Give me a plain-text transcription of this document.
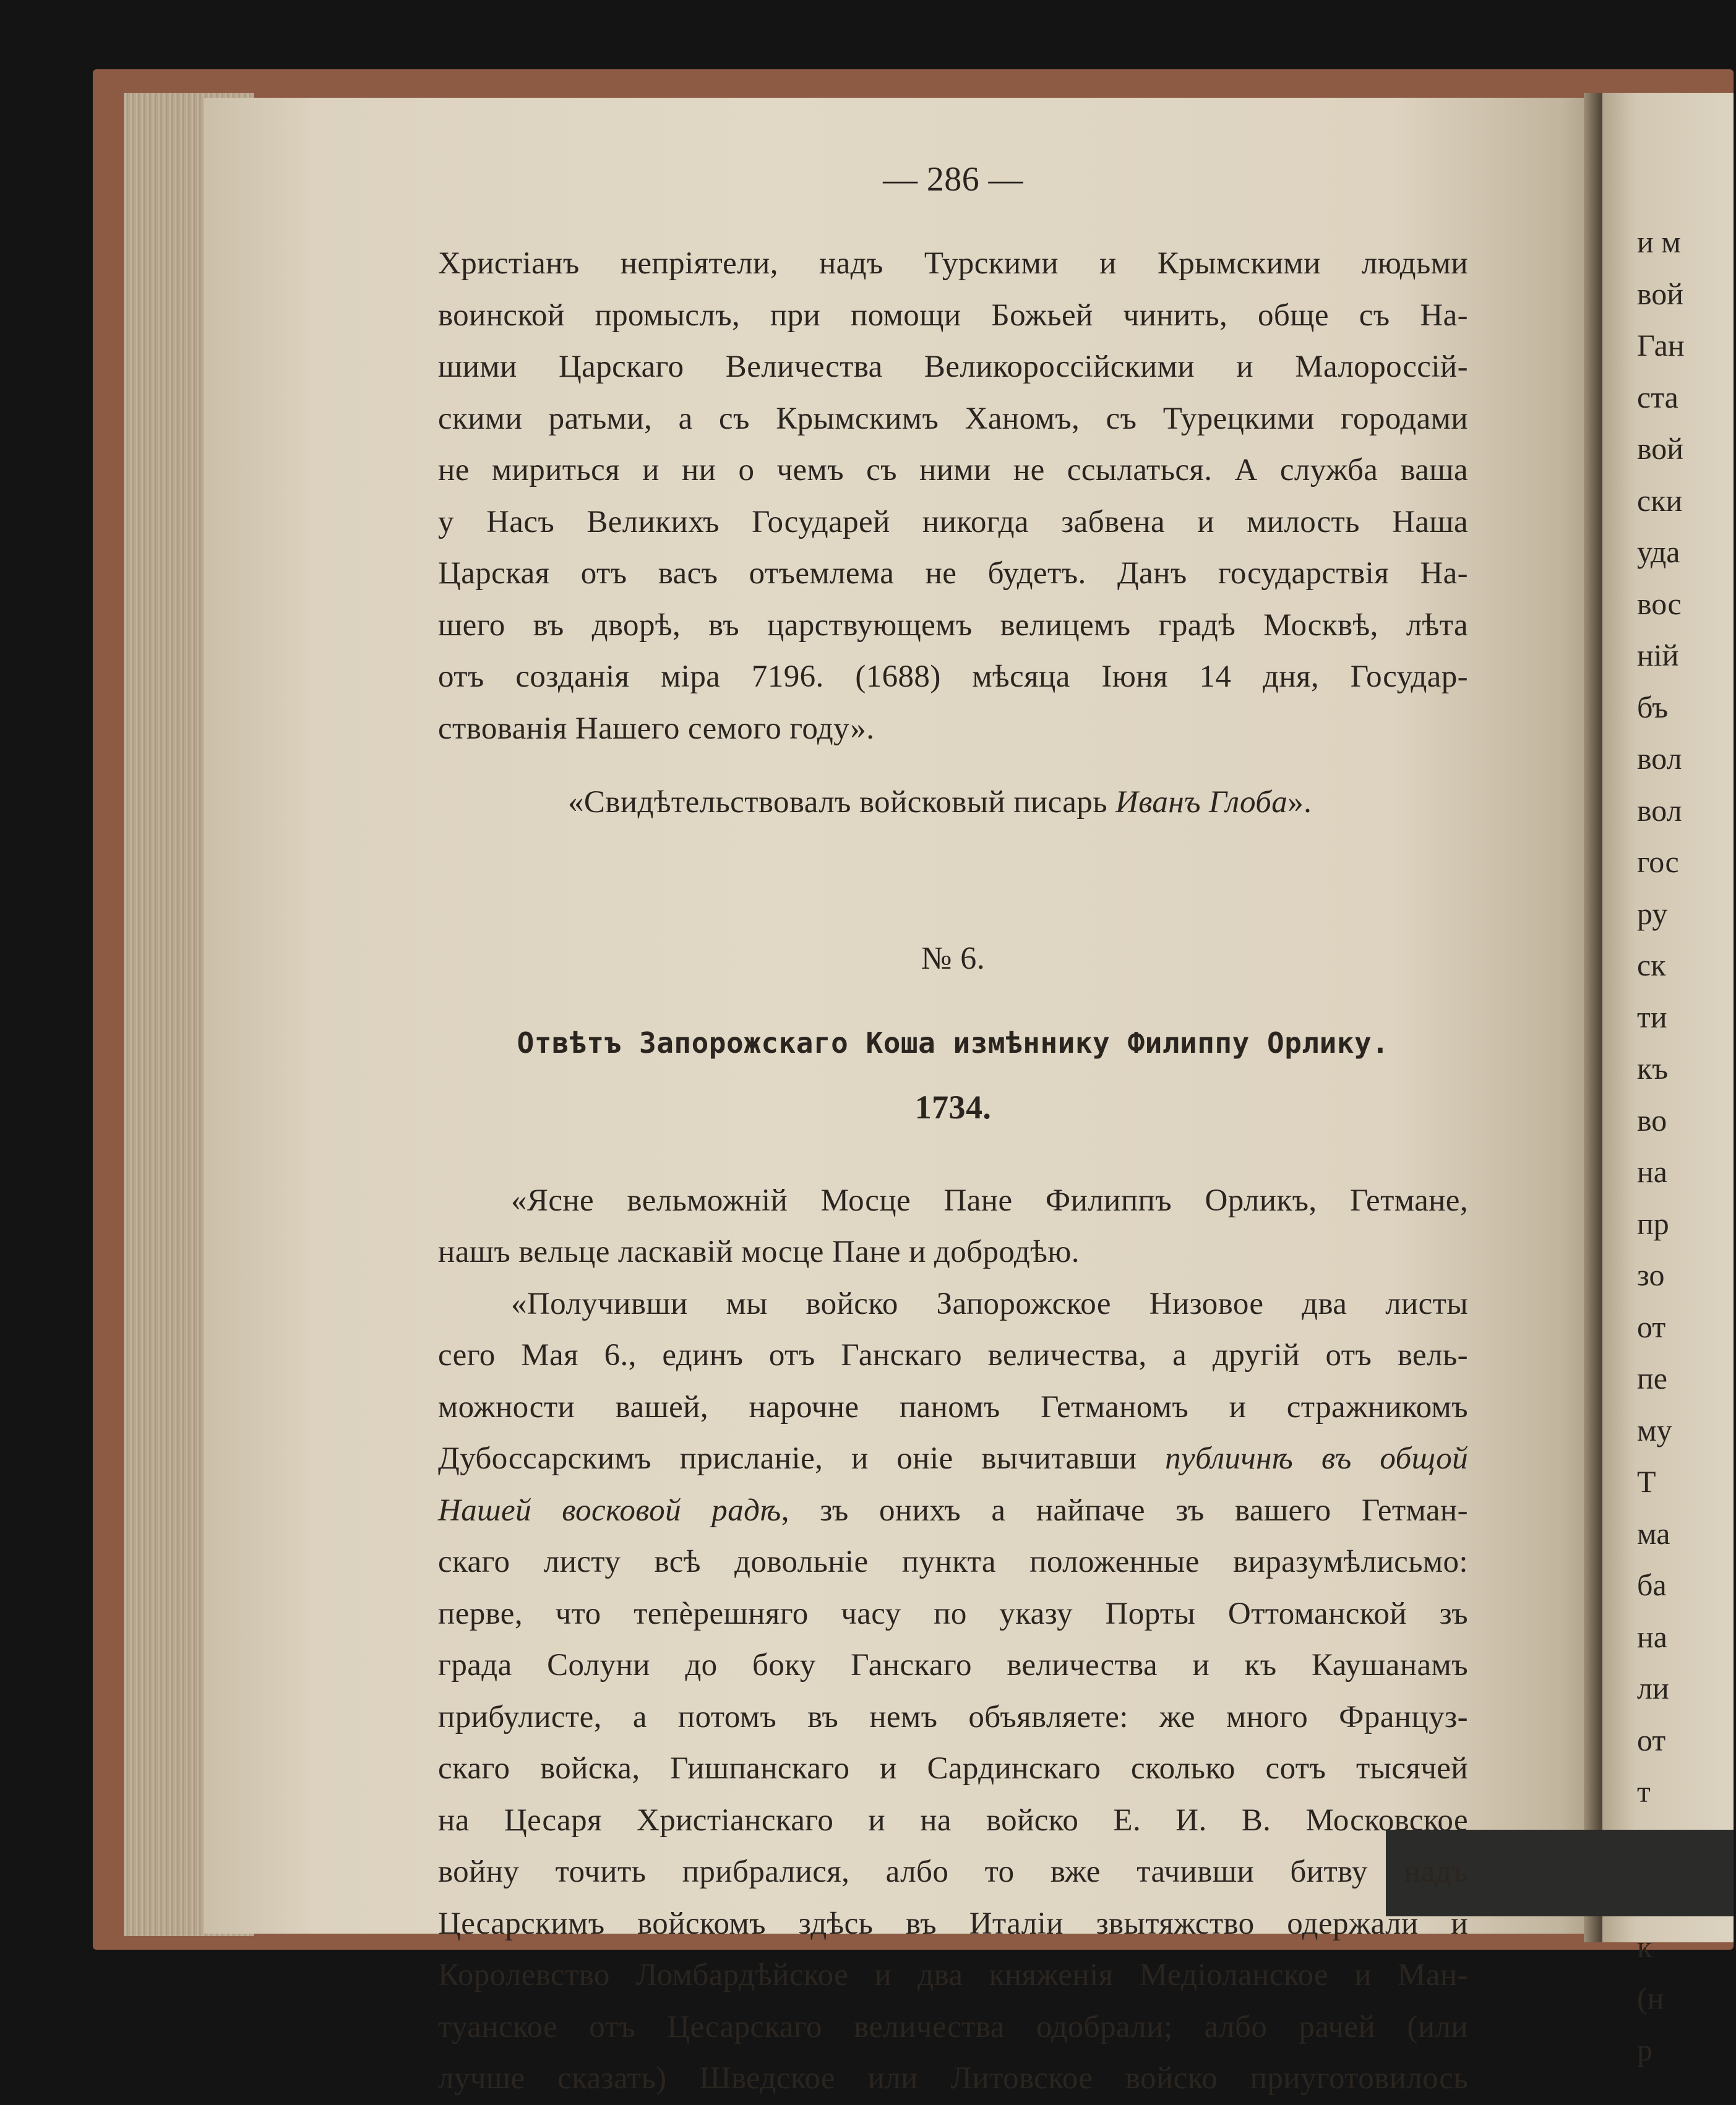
и м
вой
Ган
ста
вой
ски
уда
вос
ній
бъ
вол
вол
гос
ру
ск
ти
къ
во
на
пр
зо
от
пе
му
Т
ма
ба
на
ли
от
т
к
(н
р
— 286 —
Христіанъ непріятели, надъ Турскими и Крымскими людьми
воинской промыслъ, при помощи Божьей чинить, обще съ На-
шими Царскаго Величества Великороссійскими и Малороссій-
скими ратьми, а съ Крымскимъ Ханомъ, съ Турецкими городами
не мириться и ни о чемъ съ ними не ссылаться. А служба ваша
у Насъ Великихъ Государей никогда забвена и милость Наша
Царская отъ васъ отъемлема не будетъ. Данъ государствія На-
шего въ дворѣ, въ царствующемъ велицемъ градѣ Москвѣ, лѣта
отъ созданія міра 7196. (1688) мѣсяца Іюня 14 дня, Государ-
ствованія Нашего семого году».
«Свидѣтельствовалъ войсковый писарь Иванъ Глоба».
№ 6.
Отвѣтъ Запорожскаго Коша измѣннику Филиппу Орлику.
1734.
«Ясне вельможній Мосце Пане Филиппъ Орликъ, Гетмане,
нашъ вельце ласкавій мосце Пане и добродѣю.
«Получивши мы войско Запорожское Низовое два листы
сего Мая 6., единъ отъ Ганскаго величества, а другій отъ вель-
можности вашей, нарочне паномъ Гетманомъ и стражникомъ
Дубоссарскимъ присланіе, и оніе вычитавши публичнѣ въ общой
Нашей восковой радѣ, зъ онихъ а найпаче зъ вашего Гетман-
скаго листу всѣ довольніе пункта положенные виразумѣлисьмо:
перве, что тепѐрешняго часу по указу Порты Оттоманской зъ
града Солуни до боку Ганскаго величества и къ Каушанамъ
прибулисте, а потомъ въ немъ объявляете: же много Француз-
скаго войска, Гишпанскаго и Сардинскаго сколько сотъ тысячей
на Цесаря Христіанскаго и на войско Е. И. В. Московское
войну точить прибралися, албо то вже тачивши битву надъ
Цесарскимъ войскомъ здѣсь въ Италіи звытяжство одержали и
Королевство Ломбардѣйское и два княженія Медіоланское и Ман-
туанское отъ Цесарскаго величества одобрали; албо рачей (или
лучше сказать) Шведское или Литовское войско приуготовилось
